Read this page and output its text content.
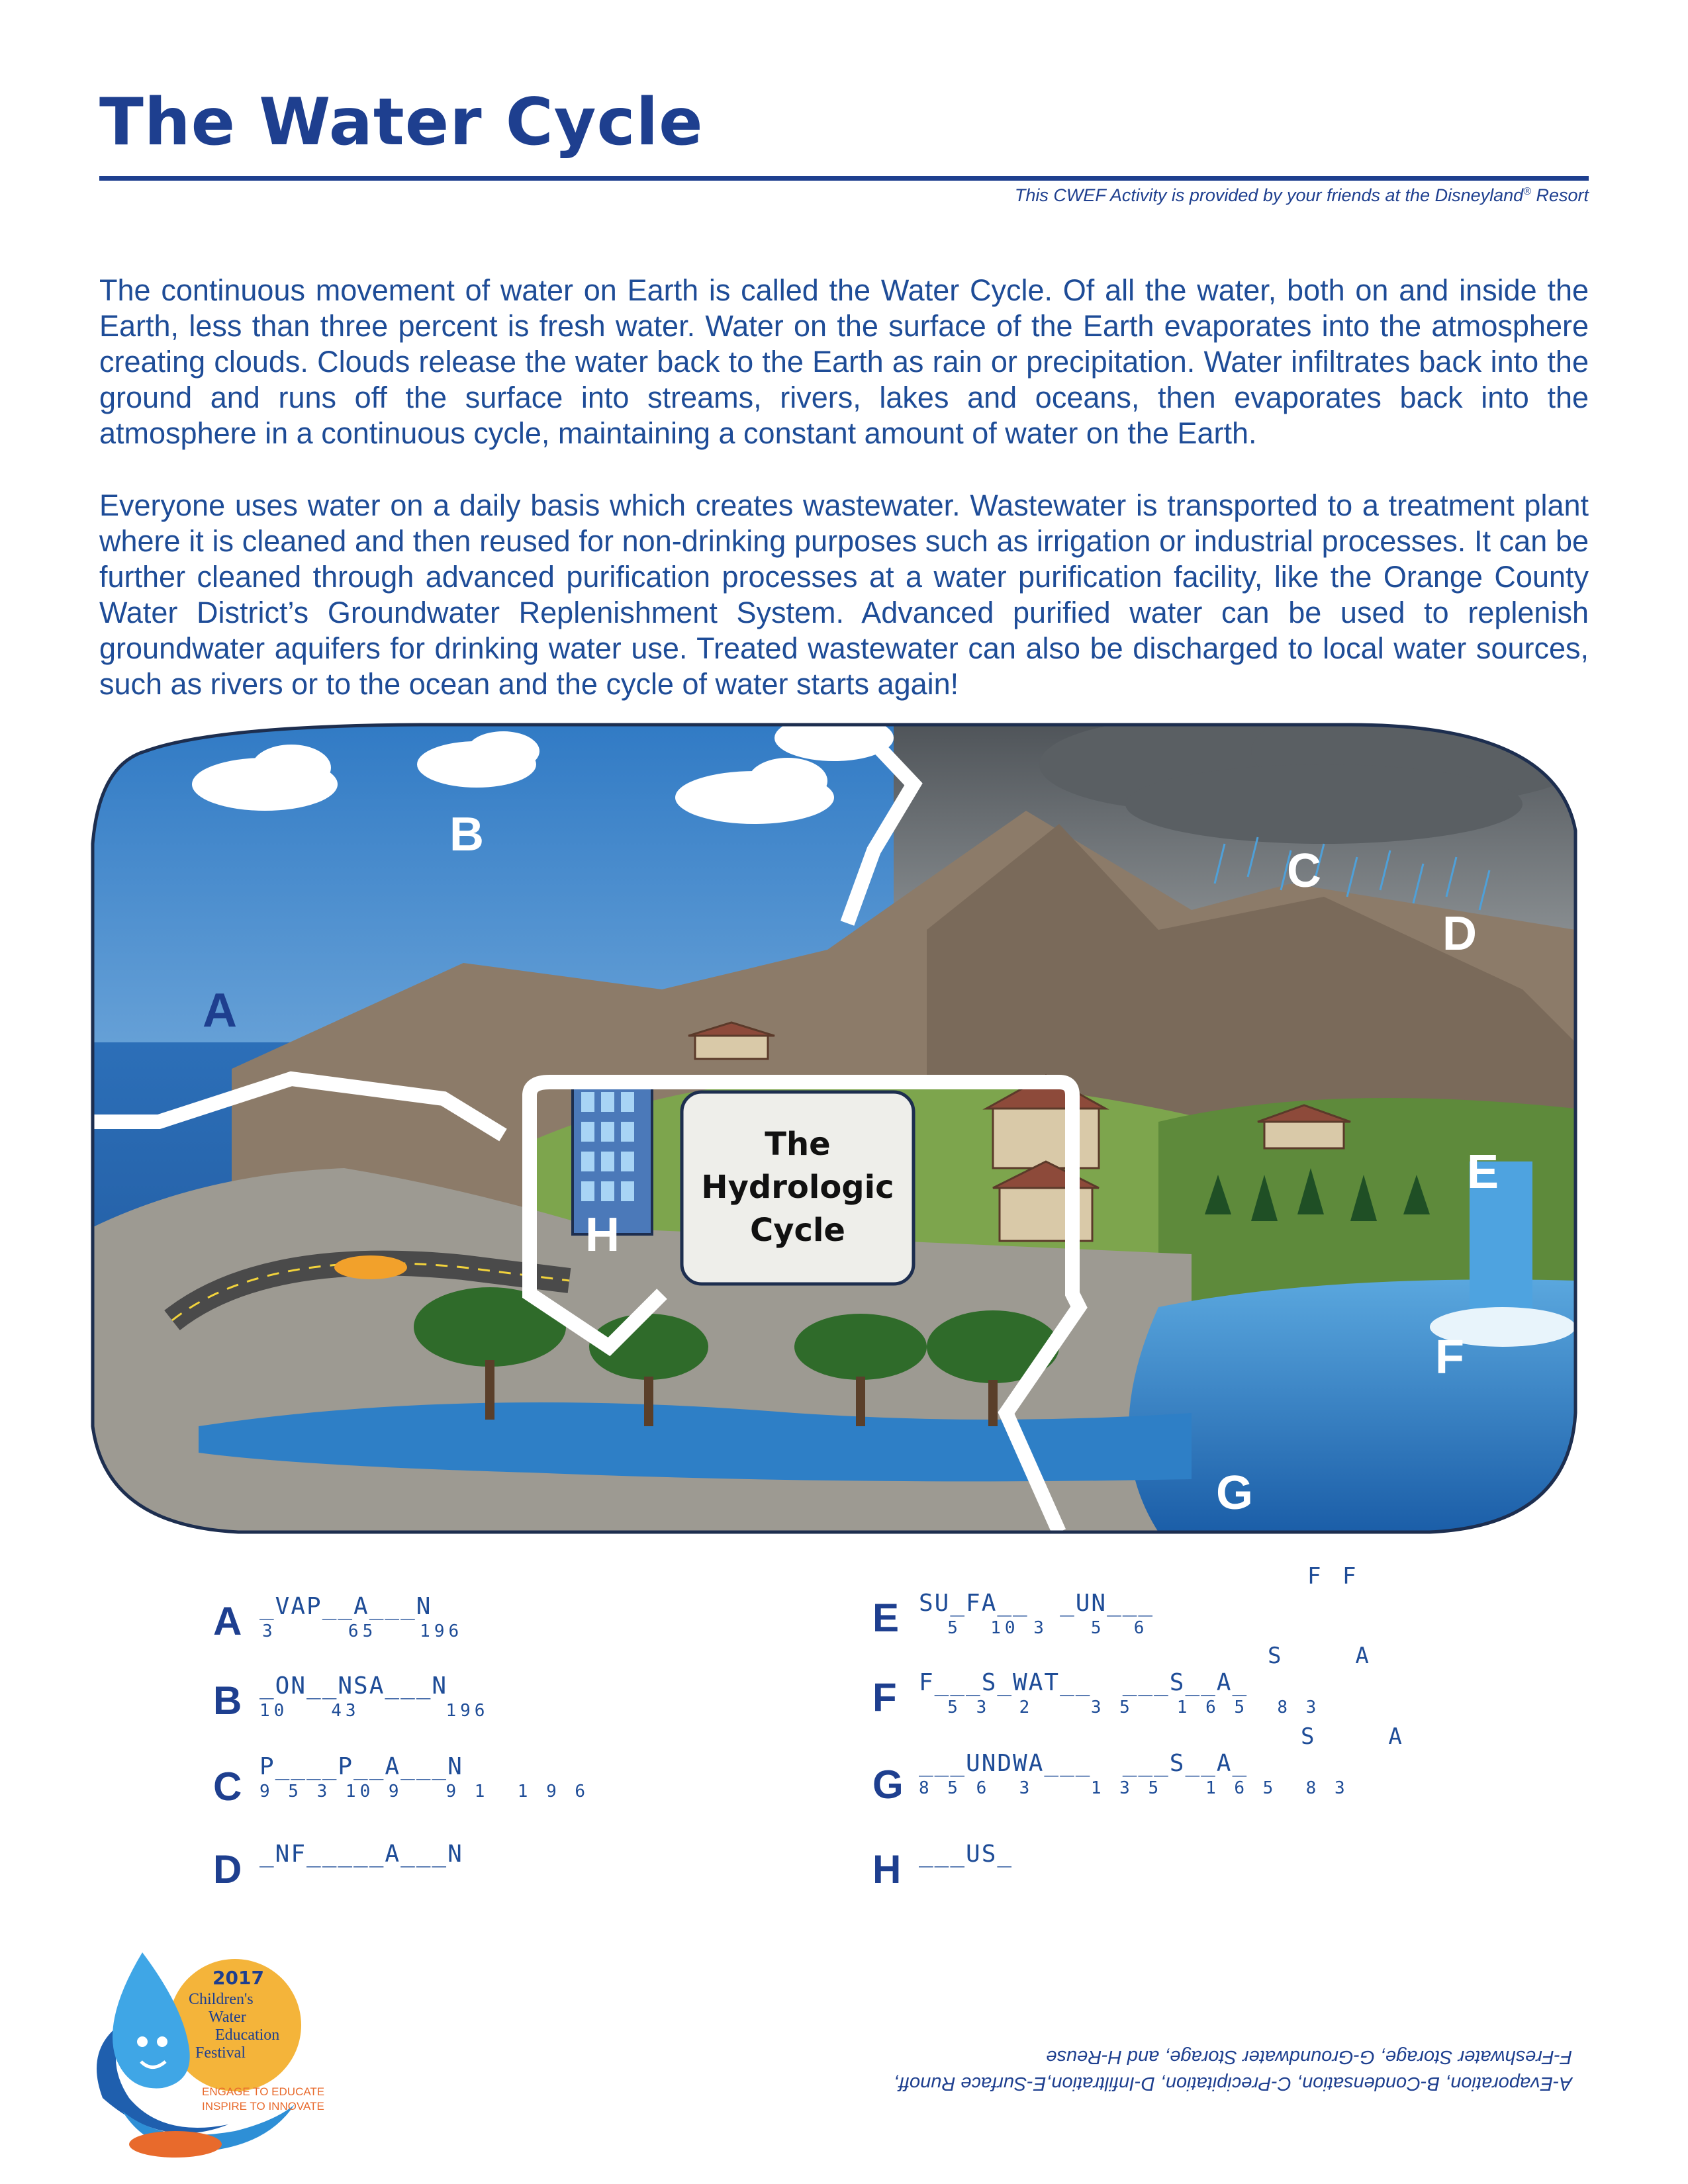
The Water Cycle
This CWEF Activity is provided by your friends at the Disneyland® Resort

The continuous movement of water on Earth is called the Water Cycle. Of all the water, both on and inside the Earth, less than three percent is fresh water. Water on the surface of the Earth evaporates into the atmosphere creating clouds. Clouds release the water back to the Earth as rain or precipitation. Water infiltrates back into the ground and runs off the surface into streams, rivers, lakes and oceans, then evaporates back into the atmosphere in a continuous cycle, maintaining a constant amount of water on the Earth.

Everyone uses water on a daily basis which creates wastewater. Wastewater is transported to a treatment plant where it is cleaned and then reused for non-drinking purposes such as irrigation or industrial processes. It can be further cleaned through advanced purification processes at a water purification facility, like the Orange County Water District’s Groundwater Replenishment System. Advanced purified water can be used to replenish groundwater aquifers for drinking water use. Treated wastewater can also be discharged to local water sources, such as rivers or to the ocean and the cycle of water starts again!

The
Hydrologic
Cycle
A
B
C
D
E
F
G
H
A _VAP__A___N
3     65   196
B _ON__NSA___N
10   43      196
C P____P__A___N
9 5 3 10 9   9 1  1 9 6
D _NF_____A___N
E
F F
SU_FA__  _UN___
5  10 3   5  6
F
S    A
F___S_WAT__  ___S__A_
5 3  2    3 5   1 6 5  8 3
G
S    A
___UNDWA___  ___S__A_
8 5 6  3    1 3 5   1 6 5  8 3
H ___US_
2017
Children's
Water
Education
Festival
ENGAGE TO EDUCATE
INSPIRE TO INNOVATE
A-Evaporation, B-Condensation, C-Precipitation, D-Infiltration,E-Surface Runoff,
F-Freshwater Storage, G-Groundwater Storage, and H-Reuse
